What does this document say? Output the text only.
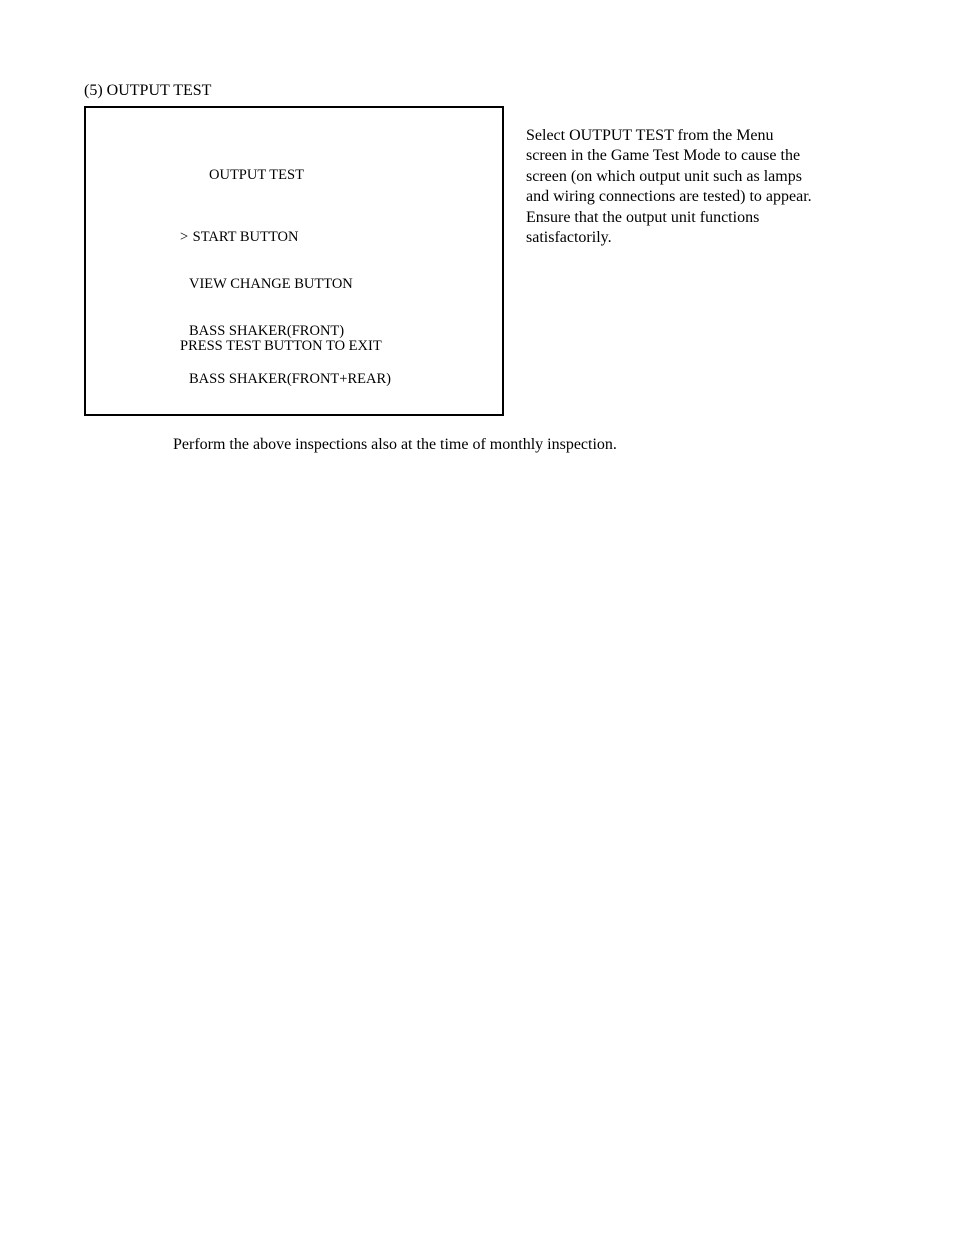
(5) OUTPUT TEST
OUTPUT TEST

> START BUTTON

VIEW CHANGE BUTTON

BASS SHAKER(FRONT)

BASS SHAKER(FRONT+REAR)

PRESS TEST BUTTON TO EXIT
Select OUTPUT TEST from the Menu
screen in the Game Test Mode to cause the
screen (on which output unit such as lamps
and wiring connections are tested) to appear.
Ensure that the output unit functions
satisfactorily.
Perform the above inspections also at the time of monthly inspection.
